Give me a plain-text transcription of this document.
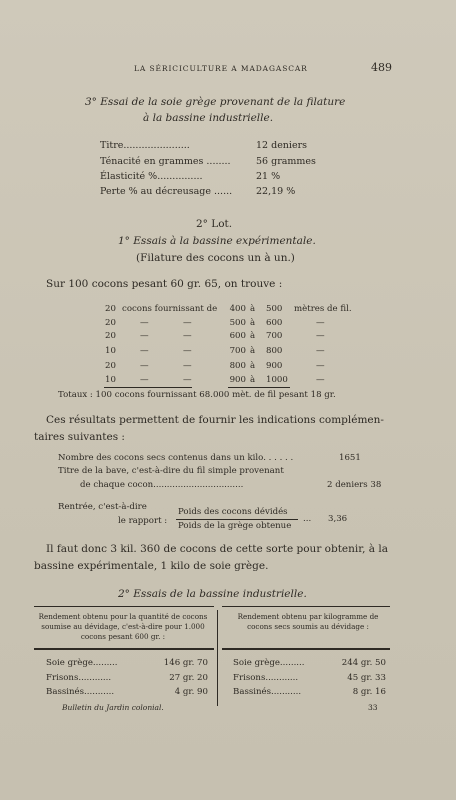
LA SÉRICICULTURE A MADAGASCAR	489
3° Essai de la soie grège provenant de la filature
à la bassine industrielle.
Titre......................	12 deniers
Ténacité en grammes ........	56 grammes
Élasticité %...............	21 %
Perte % au décreusage ......	22,19 %
2° Lot.
1° Essais à la bassine expérimentale.
(Filature des cocons un à un.)
Sur 100 cocons pesant 60 gr. 65, on trouve :
20 cocons fournissant de	400 à 500 mètres de fil.
20	—	—	500 à 600	—
20	—	—	600 à 700	—
10	—	—	700 à 800	—
20	—	—	800 à 900	—
10	—	—	900 à 1000	—
Totaux : 100 cocons fournissant 68.000 mèt. de fil pesant 18 gr.
Ces résultats permettent de fournir les indications complémen-
taires suivantes :
Nombre des cocons secs contenus dans un kilo. . . . . .	1651
Titre de la bave, c'est-à-dire du fil simple provenant
de chaque cocon.................................	2 deniers 38
Rentrée, c'est-à-dire
le rapport :
Poids des cocons dévidés
Poids de la grège obtenue
... 3,36
Il faut donc 3 kil. 360 de cocons de cette sorte pour obtenir, à la
bassine expérimentale, 1 kilo de soie grège.
2° Essais de la bassine industrielle.
Rendement obtenu pour la quantité de cocons soumise au dévidage, c'est-à-dire pour 1.000 cocons pesant 600 gr. :
Rendement obtenu par kilogramme de cocons secs soumis au dévidage :
Soie grège.........	146 gr. 70
Frisons............	27 gr. 20
Bassinés...........	4 gr. 90
Soie grège.........	244 gr. 50
Frisons............	45 gr. 33
Bassinés...........	8 gr. 16
Bulletin du Jardin colonial.	33
